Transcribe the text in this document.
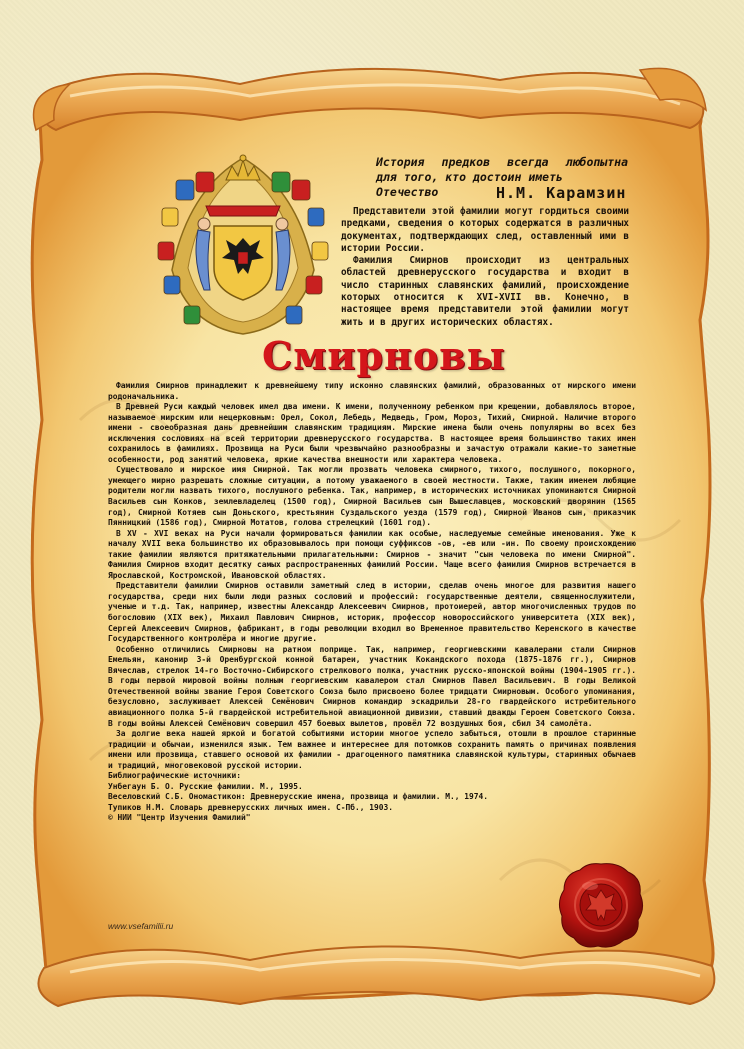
История предков всегда любопытна
для того, кто достоин иметь Отечество	Н.М. Карамзин

Представители этой фамилии могут гордиться своими предками, сведения о которых содержатся в различных документах, подтверждающих след, оставленный ими в истории России.

Фамилия Смирнов происходит из центральных областей древнерусского государства и входит в число старинных славянских фамилий, происхождение которых относится к XVI-XVII вв. Конечно, в настоящее время представители этой фамилии могут жить и в других исторических областях.

Смирновы

Фамилия Смирнов принадлежит к древнейшему типу исконно славянских фамилий, образованных от мирского имени родоначальника.

В Древней Руси каждый человек имел два имени. К имени, полученному ребенком при крещении, добавлялось второе, называемое мирским или нецерковным: Орел, Сокол, Лебедь, Медведь, Гром, Мороз, Тихий, Смирной. Наличие второго имени - своеобразная дань древнейшим славянским традициям. Мирские имена были очень популярны во всех без исключения сословиях на всей территории древнерусского государства. В настоящее время большинство таких имен сохранилось в фамилиях. Прозвища на Руси были чрезвычайно разнообразны и зачастую отражали какие-то заметные особенности, род занятий человека, яркие качества внешности или характера человека.

Существовало и мирское имя Смирной. Так могли прозвать человека смирного, тихого, послушного, покорного, умеющего мирно разрешать сложные ситуации, а потому уважаемого в своей местности. Также, таким именем любящие родители могли назвать тихого, послушного ребенка. Так, например, в исторических источниках упоминаются Смирной Васильев сын Конков, землевладелец (1500 год), Смирной Васильев сын Вышеславцев, московский дворянин (1565 год), Смирной Котяев сын Доньского, крестьянин Суздальского уезда (1579 год), Смирной Иванов сын, приказчик Пянницкий (1586 год), Смирной Мотатов, голова стрелецкий (1601 год).

В XV - XVI веках на Руси начали формироваться фамилии как особые, наследуемые семейные именования. Уже к началу XVII века большинство их образовывалось при помощи суффиксов -ов, -ев или -ин. По своему происхождению такие фамилии являются притяжательными прилагательными: Смирнов - значит "сын человека по имени Смирной". Фамилия Смирнов входит десятку самых распространенных фамилий России. Чаще всего фамилия Смирнов встречается в Ярославской, Костромской, Ивановской областях.

Представители фамилии Смирнов оставили заметный след в истории, сделав очень многое для развития нашего государства, среди них были люди разных сословий и профессий: государственные деятели, священнослужители, ученые и т.д. Так, например, известны Александр Алексеевич Смирнов, протоиерей, автор многочисленных трудов по богословию (XIX век), Михаил Павлович Смирнов, историк, профессор новороссийского университета (XIX век), Сергей Алексеевич Смирнов, фабрикант, в годы революции входил во Временное правительство Керенского в качестве Государственного контролёра и многие другие.

Особенно отличились Смирновы на ратном поприще. Так, например, георгиевскими кавалерами стали Смирнов Емельян, канонир 3-й Оренбургской конной батареи, участник Кокандского похода (1875-1876 гг.), Смирнов Вячеслав, стрелок 14-го Восточно-Сибирского стрелкового полка, участник русско-японской войны (1904-1905 гг.). В годы первой мировой войны полным георгиевским кавалером стал Смирнов Павел Васильевич. В годы Великой Отечественной войны звание Героя Советского Союза было присвоено более тридцати Смирновым. Особого упоминания, безусловно, заслуживает Алексей Семёнович Смирнов командир эскадрильи 28-го гвардейского истребительного авиационного полка 5-й гвардейской истребительной авиационной дивизии, ставший дважды Героем Советского Союза. В годы войны Алексей Семёнович совершил 457 боевых вылетов, провёл 72 воздушных боя, сбил 34 самолёта.

За долгие века нашей яркой и богатой событиями истории многое успело забыться, отошли в прошлое старинные традиции и обычаи, изменился язык. Тем важнее и интереснее для потомков сохранить память о причинах появления имени или прозвища, ставшего основой их фамилии - драгоценного памятника славянской культуры, старинных обычаев и традиций, многовековой русской истории.

Библиографические источники:

Унбегаун Б. О. Русские фамилии. М., 1995.

Веселовский С.Б. Ономастикон: Древнерусские имена, прозвища и фамилии. М., 1974.

Тупиков Н.М. Словарь древнерусских личных имен. С-Пб., 1903.

© НИИ "Центр Изучения Фамилий"

www.vsefamilii.ru
